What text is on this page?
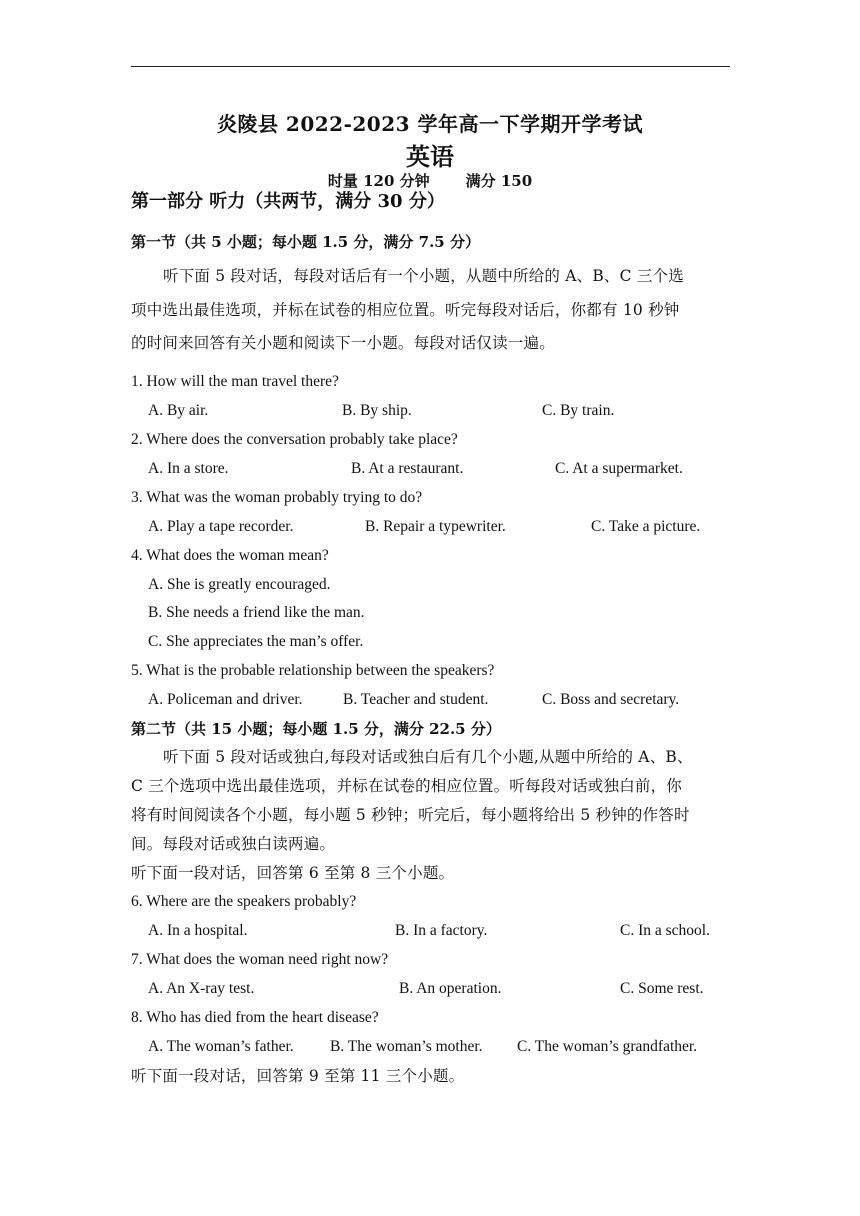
炎陵县 2022-2023 学年高一下学期开学考试
英语
时量 120 分钟 满分 150
第一部分 听力（共两节，满分 30 分）
第一节（共 5 小题；每小题 1.5 分，满分 7.5 分）
听下面 5 段对话，每段对话后有一个小题，从题中所给的 A、B、C 三个选
项中选出最佳选项，并标在试卷的相应位置。听完每段对话后，你都有 10 秒钟
的时间来回答有关小题和阅读下一小题。每段对话仅读一遍。
1. How will the man travel there?
A. By air.	B. By ship.	C. By train.
2. Where does the conversation probably take place?
A. In a store.	B. At a restaurant.	C. At a supermarket.
3. What was the woman probably trying to do?
A. Play a tape recorder.	B. Repair a typewriter.	C. Take a picture.
4. What does the woman mean?
A. She is greatly encouraged.
B. She needs a friend like the man.
C. She appreciates the man’s offer.
5. What is the probable relationship between the speakers?
A. Policeman and driver.	B. Teacher and student.	C. Boss and secretary.
第二节（共 15 小题；每小题 1.5 分，满分 22.5 分）
听下面 5 段对话或独白,每段对话或独白后有几个小题,从题中所给的 A、B、
C 三个选项中选出最佳选项，并标在试卷的相应位置。听每段对话或独白前，你
将有时间阅读各个小题，每小题 5 秒钟；听完后，每小题将给出 5 秒钟的作答时
间。每段对话或独白读两遍。
听下面一段对话，回答第 6 至第 8 三个小题。
6. Where are the speakers probably?
A. In a hospital.	B. In a factory.	C. In a school.
7. What does the woman need right now?
A. An X-ray test.	B. An operation.	C. Some rest.
8. Who has died from the heart disease?
A. The woman’s father. B. The woman’s mother. C. The woman’s grandfather.
听下面一段对话，回答第 9 至第 11 三个小题。
